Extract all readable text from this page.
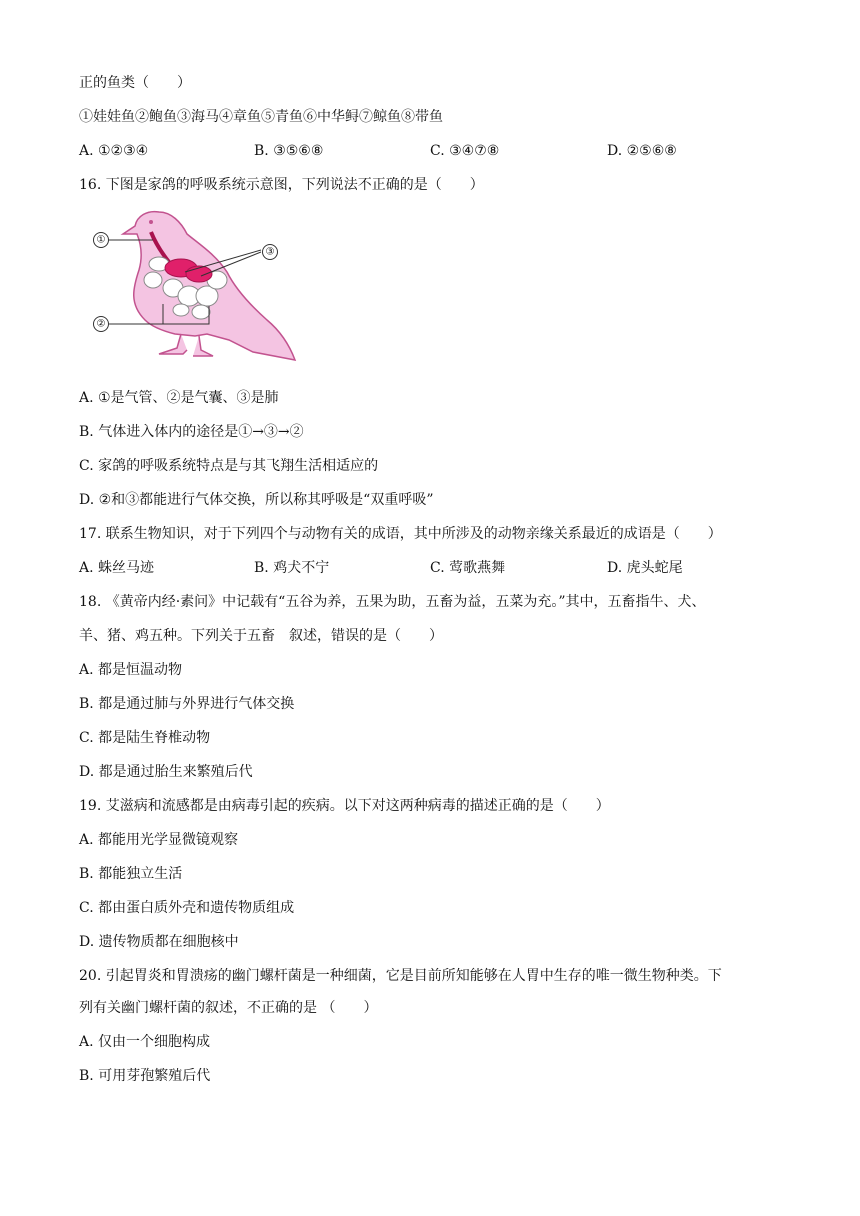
正的鱼类（　　）
①娃娃鱼②鲍鱼③海马④章鱼⑤青鱼⑥中华鲟⑦鲸鱼⑧带鱼
A. ①②③④	B. ③⑤⑥⑧	C. ③④⑦⑧	D. ②⑤⑥⑧
16. 下图是家鸽的呼吸系统示意图，下列说法不正确的是（　　）
①
②
③
A. ①是气管、②是气囊、③是肺
B. 气体进入体内的途径是①→③→②
C. 家鸽的呼吸系统特点是与其飞翔生活相适应的
D. ②和③都能进行气体交换，所以称其呼吸是“双重呼吸”
17. 联系生物知识，对于下列四个与动物有关的成语，其中所涉及的动物亲缘关系最近的成语是（　　）
A. 蛛丝马迹	B. 鸡犬不宁	C. 莺歌燕舞	D. 虎头蛇尾
18. 《黄帝内经·素问》中记载有“五谷为养，五果为助，五畜为益，五菜为充。”其中，五畜指牛、犬、
羊、猪、鸡五种。下列关于五畜　叙述，错误的是（　　）
A. 都是恒温动物
B. 都是通过肺与外界进行气体交换
C. 都是陆生脊椎动物
D. 都是通过胎生来繁殖后代
19. 艾滋病和流感都是由病毒引起的疾病。以下对这两种病毒的描述正确的是（　　）
A. 都能用光学显微镜观察
B. 都能独立生活
C. 都由蛋白质外壳和遗传物质组成
D. 遗传物质都在细胞核中
20. 引起胃炎和胃溃疡的幽门螺杆菌是一种细菌，它是目前所知能够在人胃中生存的唯一微生物种类。下
列有关幽门螺杆菌的叙述，不正确的是 （　　）
A. 仅由一个细胞构成
B. 可用芽孢繁殖后代
